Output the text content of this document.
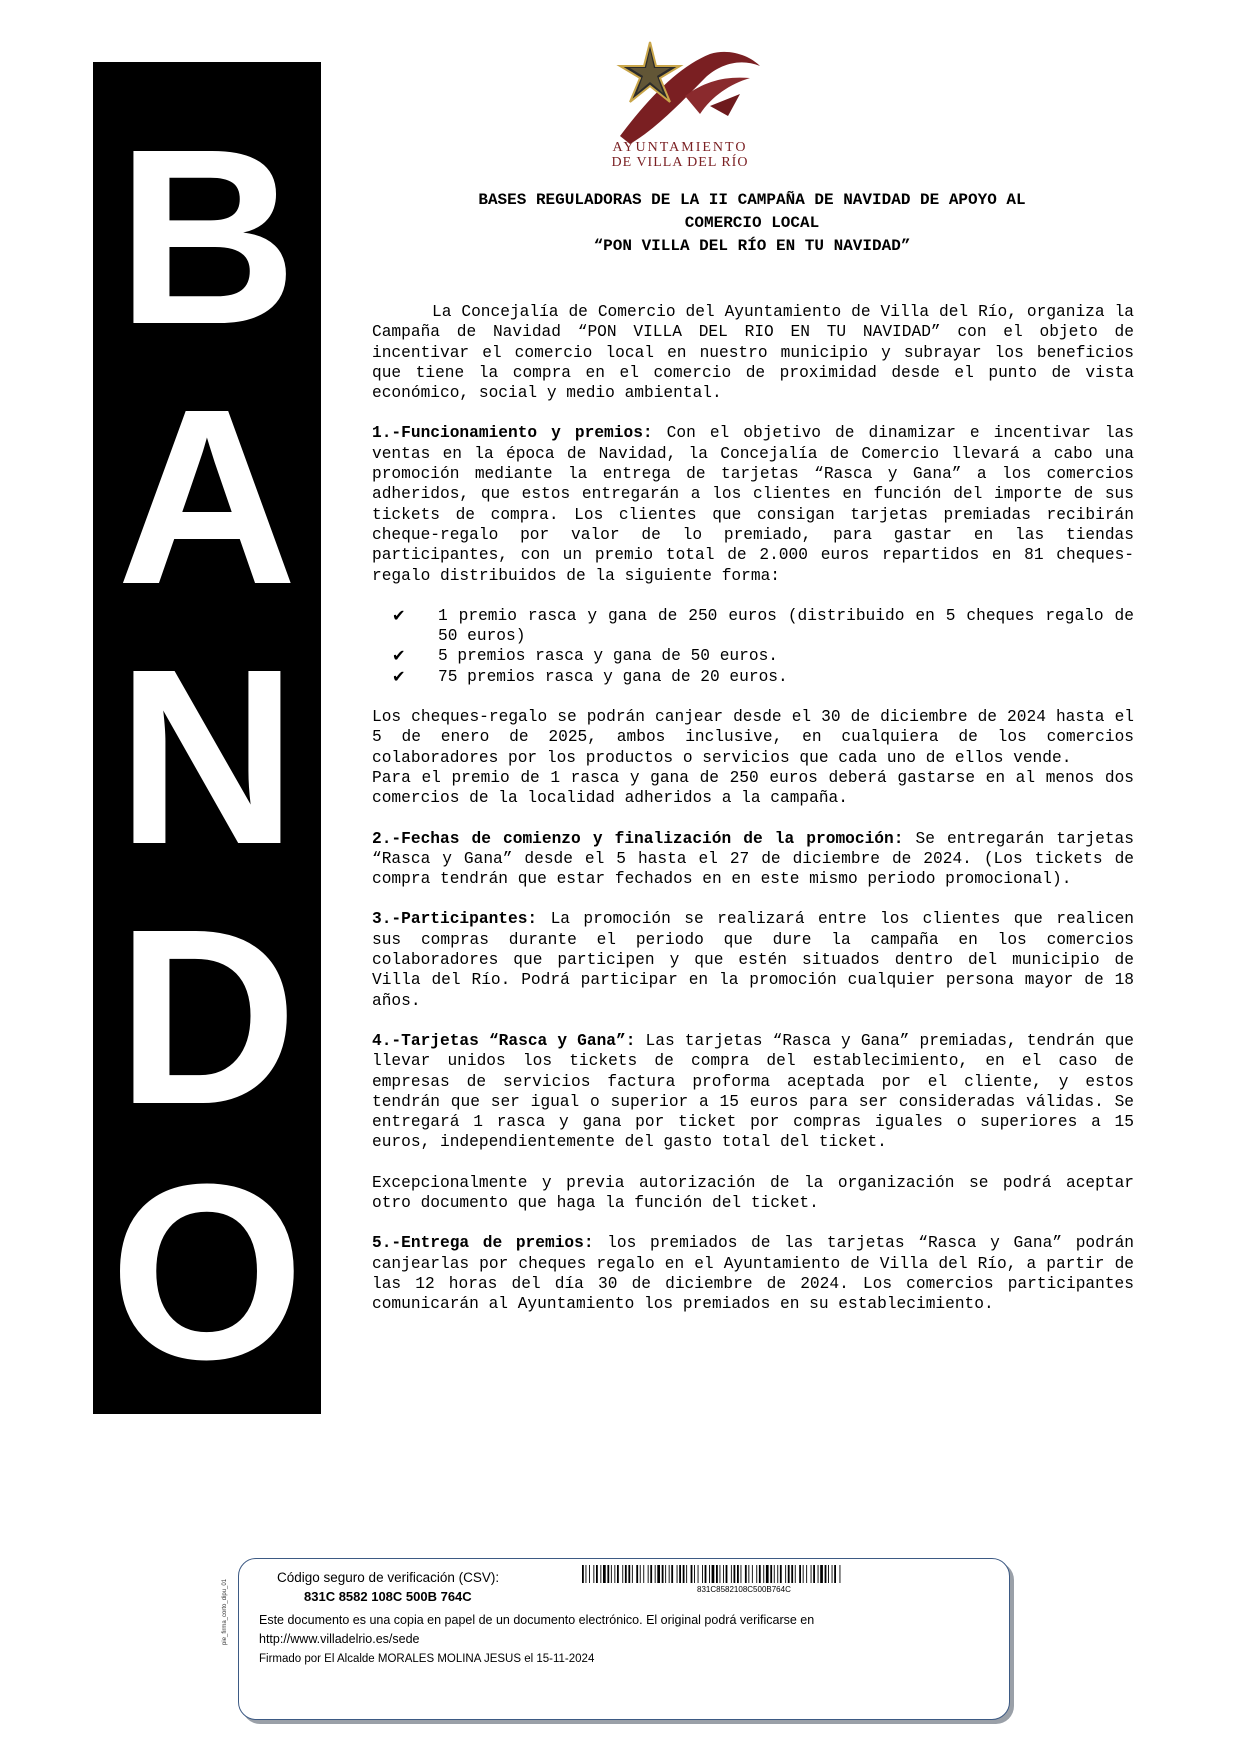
B
A
N
D
O
AYUNTAMIENTO
DE VILLA DEL RÍO
BASES REGULADORAS DE LA II CAMPAÑA DE NAVIDAD DE APOYO AL
COMERCIO LOCAL
“PON VILLA DEL RÍO EN TU NAVIDAD”

La Concejalía de Comercio del Ayuntamiento de Villa del Río, organiza la Campaña de Navidad “PON VILLA DEL RIO EN TU NAVIDAD” con el objeto de incentivar el comercio local en nuestro municipio y subrayar los beneficios que tiene la compra en el comercio de proximidad desde el punto de vista económico, social y medio ambiental.

1.-Funcionamiento y premios: Con el objetivo de dinamizar e incentivar las ventas en la época de Navidad, la Concejalía de Comercio llevará a cabo una promoción mediante la entrega de tarjetas “Rasca y Gana” a los comercios adheridos, que estos entregarán a los clientes en función del importe de sus tickets de compra. Los clientes que consigan tarjetas premiadas recibirán cheque-regalo por valor de lo premiado, para gastar en las tiendas participantes, con un premio total de 2.000 euros repartidos en 81 cheques-regalo distribuidos de la siguiente forma:

✔ 1 premio rasca y gana de 250 euros (distribuido en 5 cheques regalo de 50 euros)
✔ 5 premios rasca y gana de 50 euros.
✔ 75 premios rasca y gana de 20 euros.

Los cheques-regalo se podrán canjear desde el 30 de diciembre de 2024 hasta el 5 de enero de 2025, ambos inclusive, en cualquiera de los comercios colaboradores por los productos o servicios que cada uno de ellos vende.

Para el premio de 1 rasca y gana de 250 euros deberá gastarse en al menos dos comercios de la localidad adheridos a la campaña.

2.-Fechas de comienzo y finalización de la promoción: Se entregarán tarjetas “Rasca y Gana” desde el 5 hasta el 27 de diciembre de 2024. (Los tickets de compra tendrán que estar fechados en en este mismo periodo promocional).

3.-Participantes: La promoción se realizará entre los clientes que realicen sus compras durante el periodo que dure la campaña en los comercios colaboradores que participen y que estén situados dentro del municipio de Villa del Río. Podrá participar en la promoción cualquier persona mayor de 18 años.

4.-Tarjetas “Rasca y Gana”: Las tarjetas “Rasca y Gana” premiadas, tendrán que llevar unidos los tickets de compra del establecimiento, en el caso de empresas de servicios factura proforma aceptada por el cliente, y estos tendrán que ser igual o superior a 15 euros para ser consideradas válidas. Se entregará 1 rasca y gana por ticket por compras iguales o superiores a 15 euros, independientemente del gasto total del ticket.

Excepcionalmente y previa autorización de la organización se podrá aceptar otro documento que haga la función del ticket.

5.-Entrega de premios: los premiados de las tarjetas “Rasca y Gana” podrán canjearlas por cheques regalo en el Ayuntamiento de Villa del Río, a partir de las 12 horas del día 30 de diciembre de 2024. Los comercios participantes comunicarán al Ayuntamiento los premiados en su establecimiento.

pie_firma_corto_dipu_01
Código seguro de verificación (CSV):
831C 8582 108C 500B 764C	831C8582108C500B764C
Este documento es una copia en papel de un documento electrónico. El original podrá verificarse en
http://www.villadelrio.es/sede
Firmado por El Alcalde MORALES MOLINA JESUS el 15-11-2024
